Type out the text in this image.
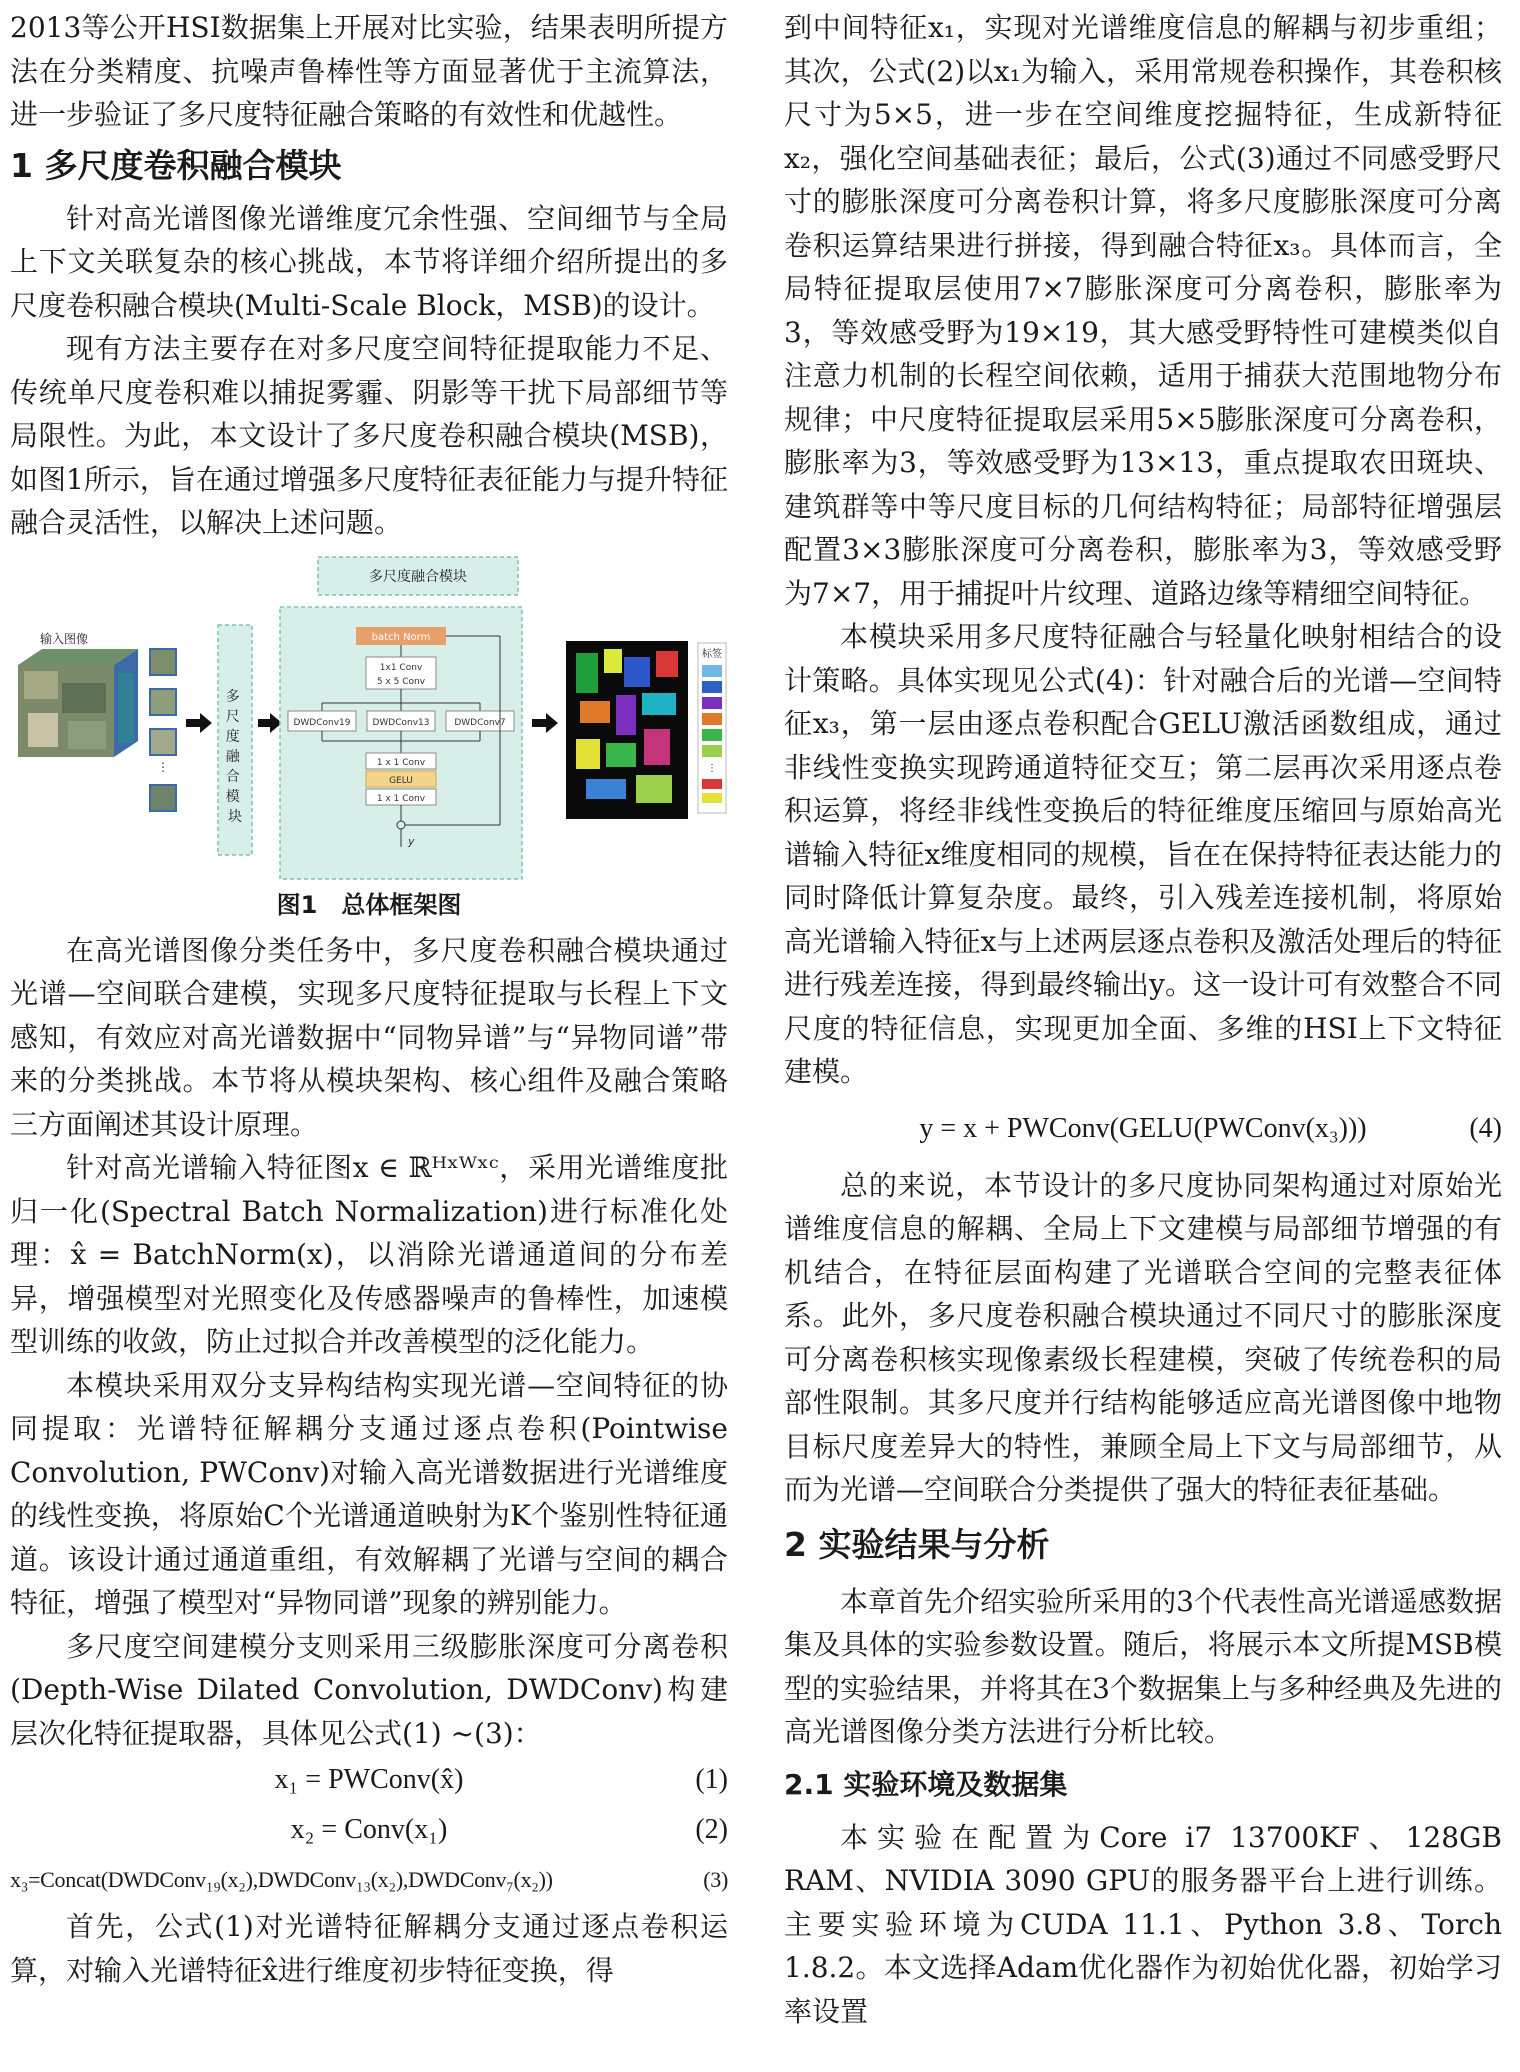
2013等公开HSI数据集上开展对比实验，结果表明所提方法在分类精度、抗噪声鲁棒性等方面显著优于主流算法，进一步验证了多尺度特征融合策略的有效性和优越性。

1 多尺度卷积融合模块

针对高光谱图像光谱维度冗余性强、空间细节与全局上下文关联复杂的核心挑战，本节将详细介绍所提出的多尺度卷积融合模块(Multi-Scale Block，MSB)的设计。

现有方法主要存在对多尺度空间特征提取能力不足、传统单尺度卷积难以捕捉雾霾、阴影等干扰下局部细节等局限性。为此，本文设计了多尺度卷积融合模块(MSB)，如图1所示，旨在通过增强多尺度特征表征能力与提升特征融合灵活性，以解决上述问题。

输入图像
⋮
多 尺 度 融 合 模 块
多尺度融合模块
batch Norm
1x1 Conv
5 x 5 Conv
DWDConv19 DWDConv13	DWDConv7
1 x 1 Conv
GELU
1 x 1 Conv
y
标签
⋮
图1　总体框架图

在高光谱图像分类任务中，多尺度卷积融合模块通过光谱—空间联合建模，实现多尺度特征提取与长程上下文感知，有效应对高光谱数据中“同物异谱”与“异物同谱”带来的分类挑战。本节将从模块架构、核心组件及融合策略三方面阐述其设计原理。

针对高光谱输入特征图x ∈ ℝᴴˣᵂˣᶜ，采用光谱维度批归一化(Spectral Batch Normalization)进行标准化处理：x̂ = BatchNorm(x)，以消除光谱通道间的分布差异，增强模型对光照变化及传感器噪声的鲁棒性，加速模型训练的收敛，防止过拟合并改善模型的泛化能力。

本模块采用双分支异构结构实现光谱—空间特征的协同提取：光谱特征解耦分支通过逐点卷积(Pointwise Convolution, PWConv)对输入高光谱数据进行光谱维度的线性变换，将原始C个光谱通道映射为K个鉴别性特征通道。该设计通过通道重组，有效解耦了光谱与空间的耦合特征，增强了模型对“异物同谱”现象的辨别能力。

多尺度空间建模分支则采用三级膨胀深度可分离卷积(Depth-Wise Dilated Convolution, DWDConv)构建层次化特征提取器，具体见公式(1) ~(3)：

x₁ = PWConv(x̂)	(1)
x₂ = Conv(x₁)	(2)
x₃=Concat(DWDConv₁₉(x₂),DWDConv₁₃(x₂),DWDConv₇(x₂))	(3)

首先，公式(1)对光谱特征解耦分支通过逐点卷积运算，对输入光谱特征x̂进行维度初步特征变换，得

到中间特征x₁，实现对光谱维度信息的解耦与初步重组；其次，公式(2)以x₁为输入，采用常规卷积操作，其卷积核尺寸为5×5，进一步在空间维度挖掘特征，生成新特征x₂，强化空间基础表征；最后，公式(3)通过不同感受野尺寸的膨胀深度可分离卷积计算，将多尺度膨胀深度可分离卷积运算结果进行拼接，得到融合特征x₃。具体而言，全局特征提取层使用7×7膨胀深度可分离卷积，膨胀率为3，等效感受野为19×19，其大感受野特性可建模类似自注意力机制的长程空间依赖，适用于捕获大范围地物分布规律；中尺度特征提取层采用5×5膨胀深度可分离卷积，膨胀率为3，等效感受野为13×13，重点提取农田斑块、建筑群等中等尺度目标的几何结构特征；局部特征增强层配置3×3膨胀深度可分离卷积，膨胀率为3，等效感受野为7×7，用于捕捉叶片纹理、道路边缘等精细空间特征。

本模块采用多尺度特征融合与轻量化映射相结合的设计策略。具体实现见公式(4)：针对融合后的光谱—空间特征x₃，第一层由逐点卷积配合GELU激活函数组成，通过非线性变换实现跨通道特征交互；第二层再次采用逐点卷积运算，将经非线性变换后的特征维度压缩回与原始高光谱输入特征x维度相同的规模，旨在在保持特征表达能力的同时降低计算复杂度。最终，引入残差连接机制，将原始高光谱输入特征x与上述两层逐点卷积及激活处理后的特征进行残差连接，得到最终输出y。这一设计可有效整合不同尺度的特征信息，实现更加全面、多维的HSI上下文特征建模。

y = x + PWConv(GELU(PWConv(x₃)))	(4)

总的来说，本节设计的多尺度协同架构通过对原始光谱维度信息的解耦、全局上下文建模与局部细节增强的有机结合，在特征层面构建了光谱联合空间的完整表征体系。此外，多尺度卷积融合模块通过不同尺寸的膨胀深度可分离卷积核实现像素级长程建模，突破了传统卷积的局部性限制。其多尺度并行结构能够适应高光谱图像中地物目标尺度差异大的特性，兼顾全局上下文与局部细节，从而为光谱—空间联合分类提供了强大的特征表征基础。

2 实验结果与分析

本章首先介绍实验所采用的3个代表性高光谱遥感数据集及具体的实验参数设置。随后，将展示本文所提MSB模型的实验结果，并将其在3个数据集上与多种经典及先进的高光谱图像分类方法进行分析比较。

2.1 实验环境及数据集

本实验在配置为Core i7 13700KF、128GB RAM、NVIDIA 3090 GPU的服务器平台上进行训练。主要实验环境为CUDA 11.1、Python 3.8、Torch 1.8.2。本文选择Adam优化器作为初始优化器，初始学习率设置
